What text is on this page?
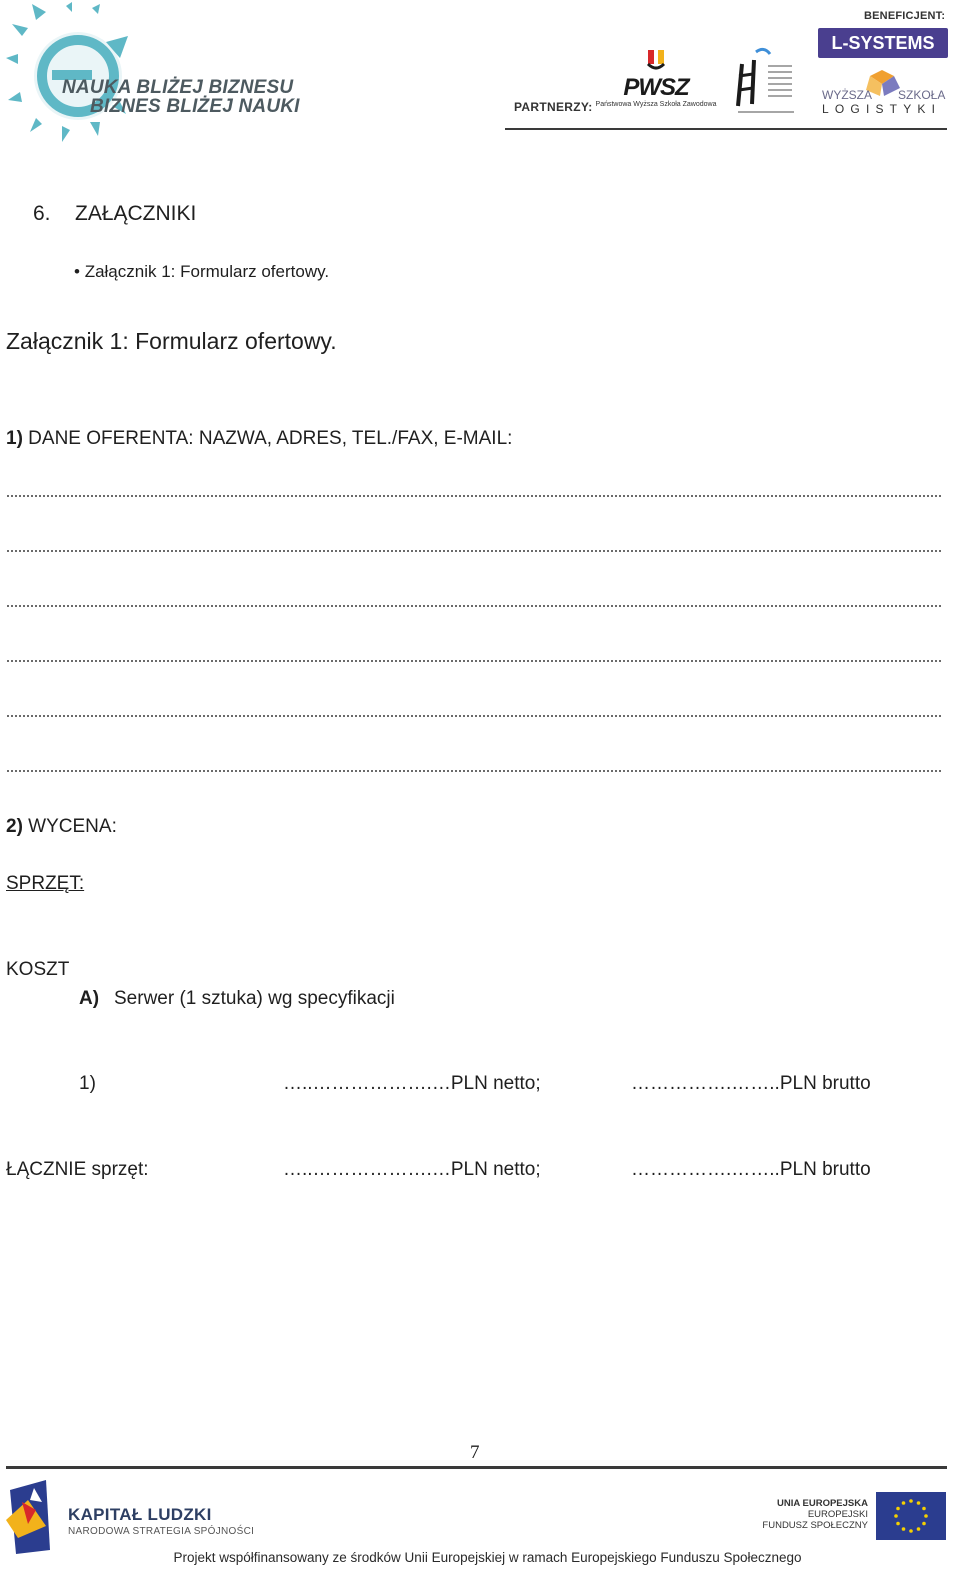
NAUKA BLIŻEJ BIZNESU
BIZNES BLIŻEJ NAUKI	PARTNERZY:
PWSZ
Państwowa Wyższa Szkoła Zawodowa
BENEFICJENT:
L-SYSTEMS
WYŻSZA SZKOŁA
LOGISTYKI
6. ZAŁĄCZNIKI
• Załącznik 1: Formularz ofertowy.
Załącznik 1: Formularz ofertowy.
1) DANE OFERENTA: NAZWA, ADRES, TEL./FAX, E-MAIL:
2) WYCENA:
SPRZĘT:
KOSZT
A) Serwer (1 sztuka) wg specyfikacji
1)	…..……………….…PLN netto;	…………….……..PLN brutto
ŁĄCZNIE sprzęt:	…..……………….…PLN netto;	…………….……..PLN brutto
7
KAPITAŁ LUDZKI
NARODOWA STRATEGIA SPÓJNOŚCI
UNIA EUROPEJSKA
EUROPEJSKI
FUNDUSZ SPOŁECZNY
Projekt współfinansowany ze środków Unii Europejskiej w ramach Europejskiego Funduszu Społecznego
